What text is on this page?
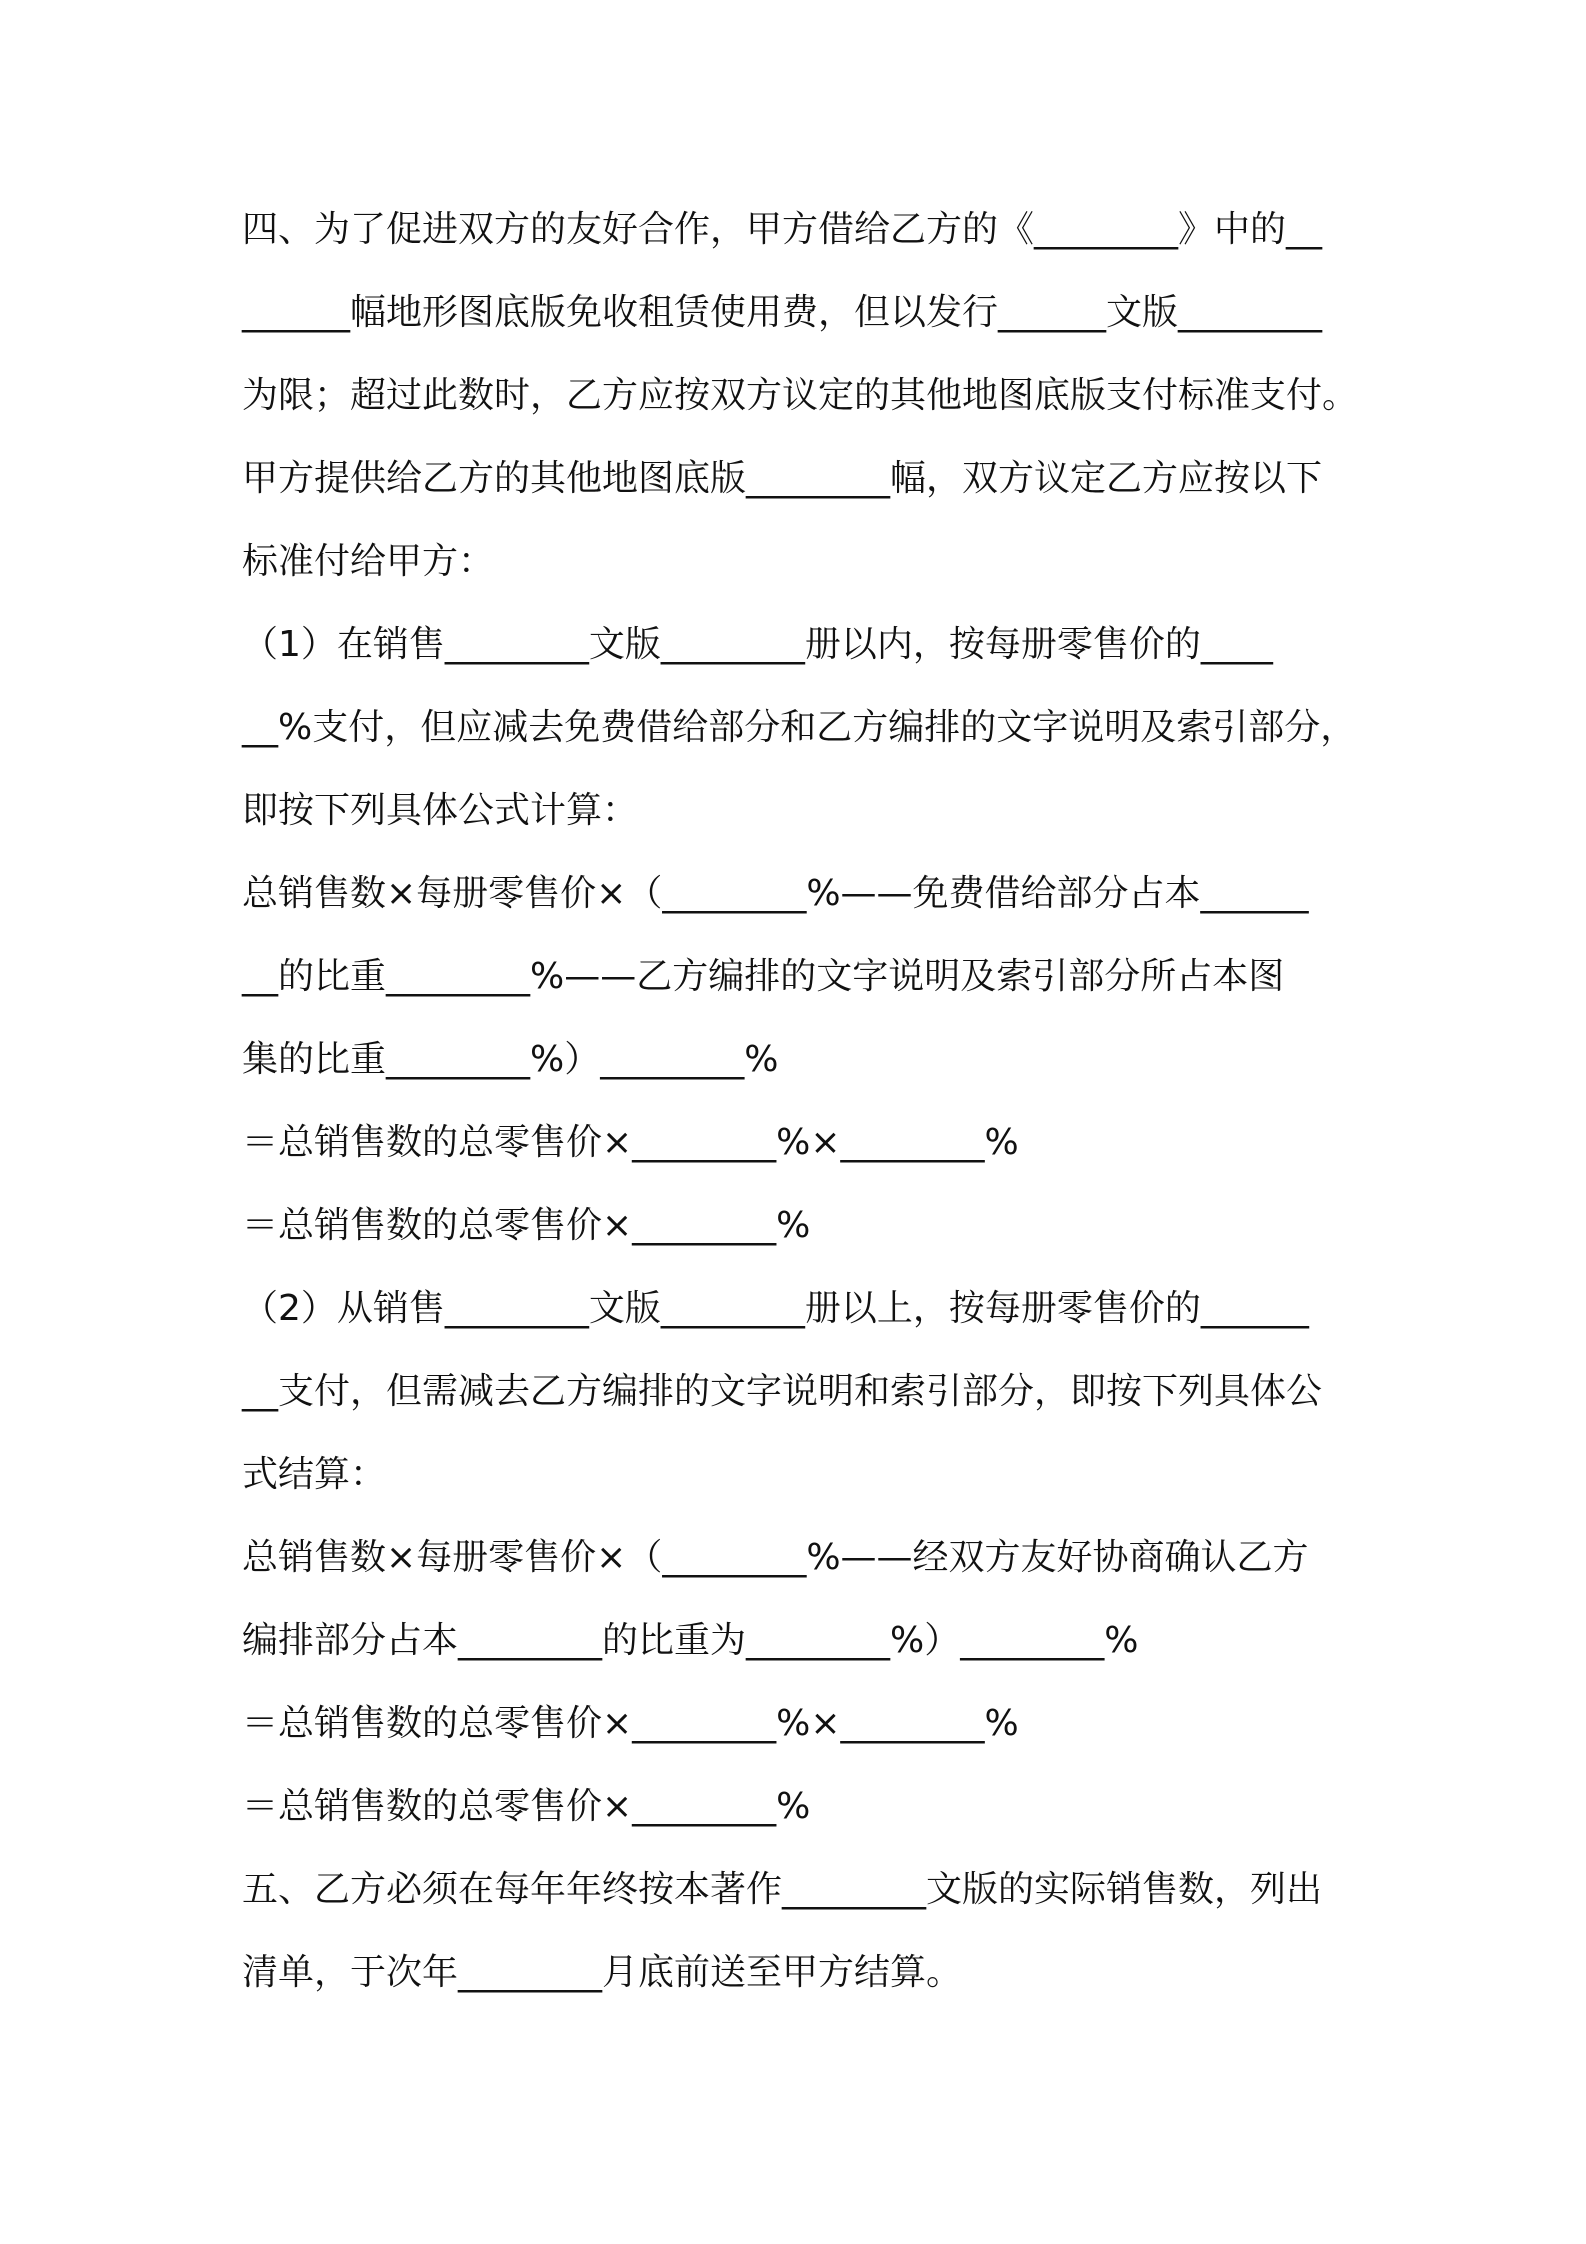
四、为了促进双方的友好合作，甲方借给乙方的《________》中的__
______幅地形图底版免收租赁使用费，但以发行______文版________
为限；超过此数时，乙方应按双方议定的其他地图底版支付标准支付。
甲方提供给乙方的其他地图底版________幅，双方议定乙方应按以下
标准付给甲方：
（1）在销售________文版________册以内，按每册零售价的____
__%支付，但应减去免费借给部分和乙方编排的文字说明及索引部分，
即按下列具体公式计算：
总销售数×每册零售价×（________%——免费借给部分占本______
__的比重________%——乙方编排的文字说明及索引部分所占本图
集的比重________%）________%
＝总销售数的总零售价×________%×________%
＝总销售数的总零售价×________%
（2）从销售________文版________册以上，按每册零售价的______
__支付，但需减去乙方编排的文字说明和索引部分，即按下列具体公
式结算：
总销售数×每册零售价×（________%——经双方友好协商确认乙方
编排部分占本________的比重为________%）________%
＝总销售数的总零售价×________%×________%
＝总销售数的总零售价×________%
五、乙方必须在每年年终按本著作________文版的实际销售数，列出
清单，于次年________月底前送至甲方结算。
